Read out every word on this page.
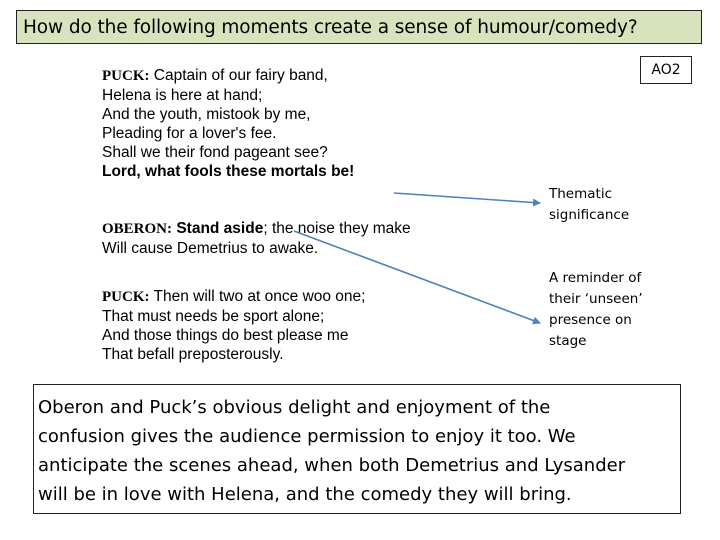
How do the following moments create a sense of humour/comedy?
AO2
PUCK: Captain of our fairy band,
Helena is here at hand;
And the youth, mistook by me,
Pleading for a lover's fee.
Shall we their fond pageant see?
Lord, what fools these mortals be!
OBERON: Stand aside; the noise they make
Will cause Demetrius to awake.
PUCK: Then will two at once woo one;
That must needs be sport alone;
And those things do best please me
That befall preposterously.
Thematic
significance
A reminder of
their ‘unseen’
presence on
stage
Oberon and Puck’s obvious delight and enjoyment of the
confusion gives the audience permission to enjoy it too. We
anticipate the scenes ahead, when both Demetrius and Lysander
will be in love with Helena, and the comedy they will bring.
